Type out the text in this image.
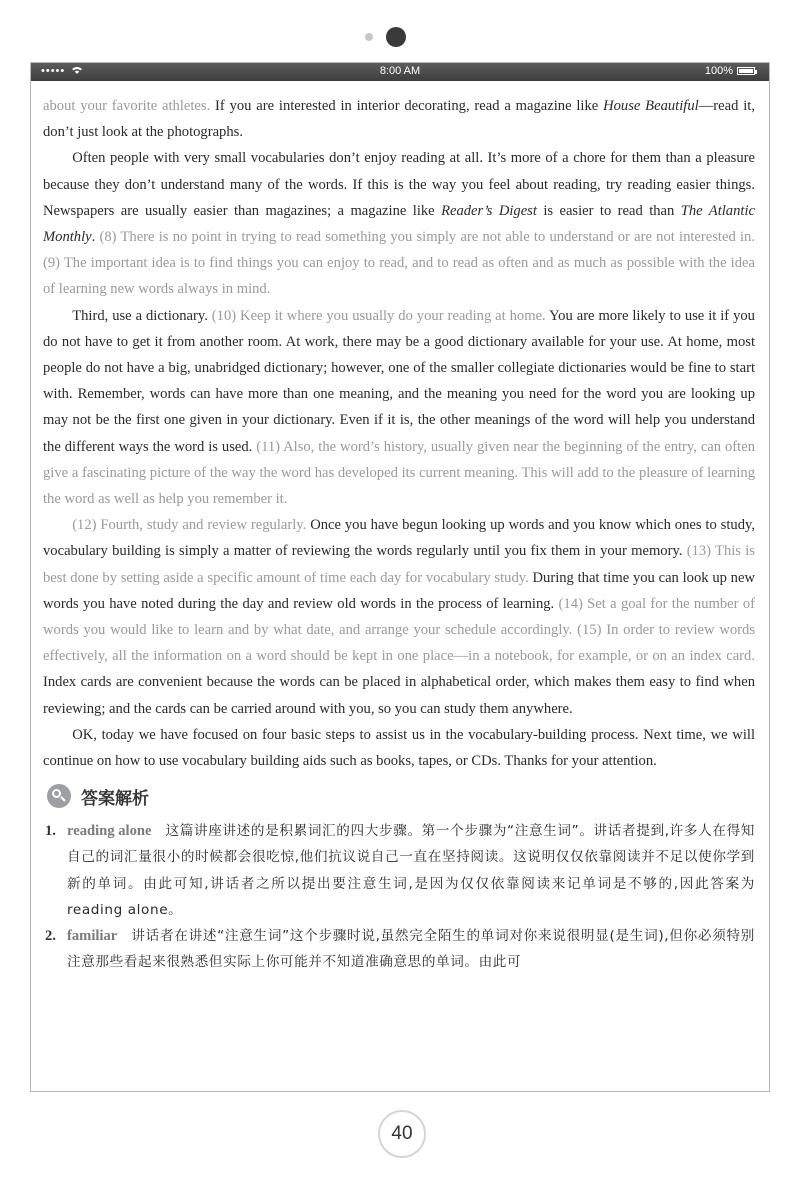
•••••	8:00 AM	100%

about your favorite athletes. If you are interested in interior decorating, read a magazine like House Beautiful—read it, don’t just look at the photographs.

Often people with very small vocabularies don’t enjoy reading at all. It’s more of a chore for them than a pleasure because they don’t understand many of the words. If this is the way you feel about reading, try reading easier things. Newspapers are usually easier than magazines; a magazine like Reader’s Digest is easier to read than The Atlantic Monthly. (8) There is no point in trying to read something you simply are not able to understand or are not interested in. (9) The important idea is to find things you can enjoy to read, and to read as often and as much as possible with the idea of learning new words always in mind.

Third, use a dictionary. (10) Keep it where you usually do your reading at home. You are more likely to use it if you do not have to get it from another room. At work, there may be a good dictionary available for your use. At home, most people do not have a big, unabridged dictionary; however, one of the smaller collegiate dictionaries would be fine to start with. Remember, words can have more than one meaning, and the meaning you need for the word you are looking up may not be the first one given in your dictionary. Even if it is, the other meanings of the word will help you understand the different ways the word is used. (11) Also, the word’s history, usually given near the beginning of the entry, can often give a fascinating picture of the way the word has developed its current meaning. This will add to the pleasure of learning the word as well as help you remember it.

(12) Fourth, study and review regularly. Once you have begun looking up words and you know which ones to study, vocabulary building is simply a matter of reviewing the words regularly until you fix them in your memory. (13) This is best done by setting aside a specific amount of time each day for vocabulary study. During that time you can look up new words you have noted during the day and review old words in the process of learning. (14) Set a goal for the number of words you would like to learn and by what date, and arrange your schedule accordingly. (15) In order to review words effectively, all the information on a word should be kept in one place—in a notebook, for example, or on an index card. Index cards are convenient because the words can be placed in alphabetical order, which makes them easy to find when reviewing; and the cards can be carried around with you, so you can study them anywhere.

OK, today we have focused on four basic steps to assist us in the vocabulary-building process. Next time, we will continue on how to use vocabulary building aids such as books, tapes, or CDs. Thanks for your attention.

答案解析
1. reading alone 这篇讲座讲述的是积累词汇的四大步骤。第一个步骤为“注意生词”。讲话者提到,许多人在得知自己的词汇量很小的时候都会很吃惊,他们抗议说自己一直在坚持阅读。这说明仅仅依靠阅读并不足以使你学到新的单词。由此可知,讲话者之所以提出要注意生词,是因为仅仅依靠阅读来记单词是不够的,因此答案为 reading alone。
2. familiar 讲话者在讲述“注意生词”这个步骤时说,虽然完全陌生的单词对你来说很明显(是生词),但你必须特别注意那些看起来很熟悉但实际上你可能并不知道准确意思的单词。由此可
40
